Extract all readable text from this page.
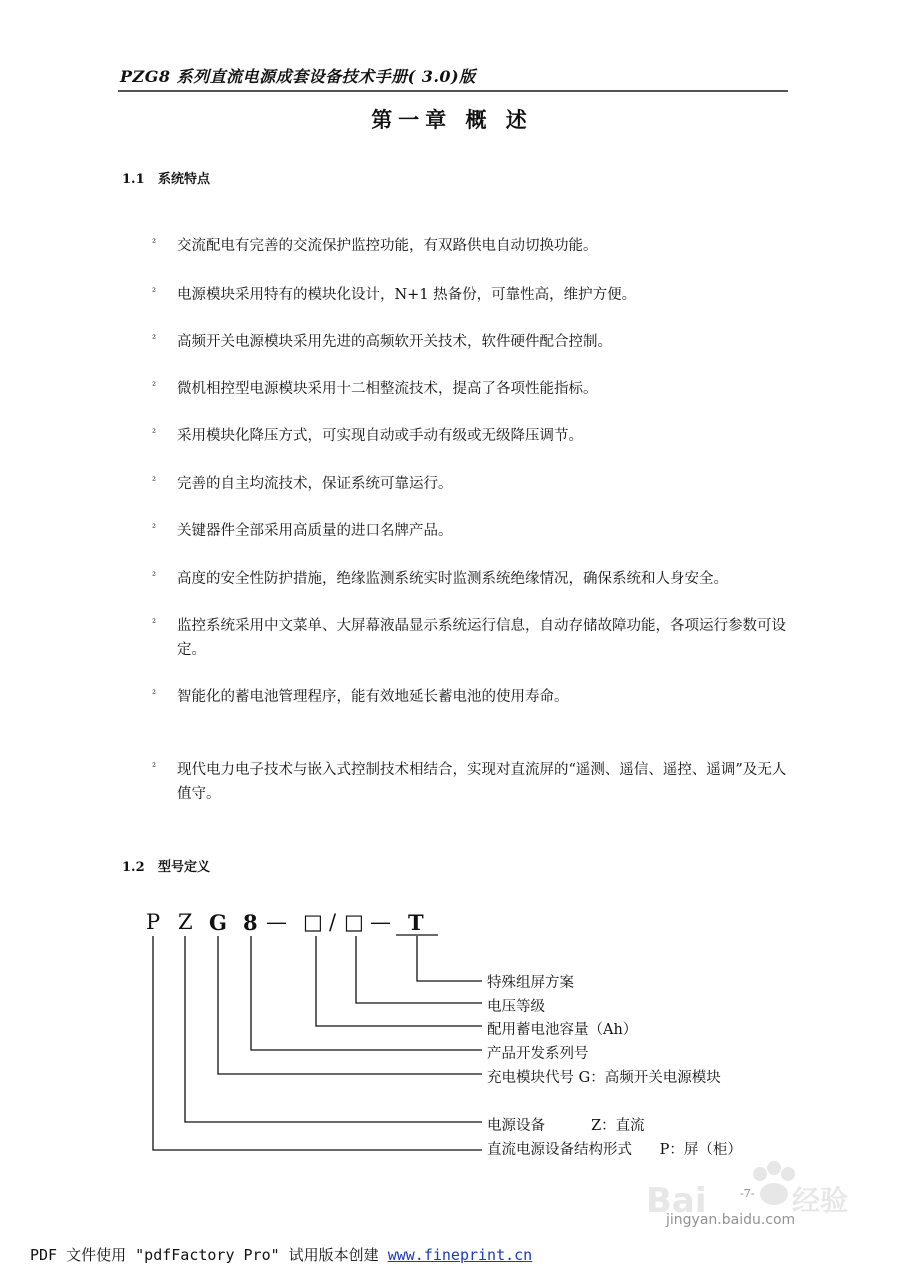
PZG8 系列直流电源成套设备技术手册( 3.0)版
第一章 概 述
1.1 系统特点
² 交流配电有完善的交流保护监控功能，有双路供电自动切换功能。
² 电源模块采用特有的模块化设计，N+1 热备份，可靠性高，维护方便。
² 高频开关电源模块采用先进的高频软开关技术，软件硬件配合控制。
² 微机相控型电源模块采用十二相整流技术，提高了各项性能指标。
² 采用模块化降压方式，可实现自动或手动有级或无级降压调节。
² 完善的自主均流技术，保证系统可靠运行。
² 关键器件全部采用高质量的进口名牌产品。
² 高度的安全性防护措施，绝缘监测系统实时监测系统绝缘情况，确保系统和人身安全。
² 监控系统采用中文菜单、大屏幕液晶显示系统运行信息，自动存储故障功能，各项运行参数可设定。
² 智能化的蓄电池管理程序，能有效地延长蓄电池的使用寿命。
² 现代电力电子技术与嵌入式控制技术相结合，实现对直流屏的“遥测、遥信、遥控、遥调”及无人值守。
1.2 型号定义
P Z G 8 — □ / □ — T
特殊组屏方案
电压等级
配用蓄电池容量（Ah）
产品开发系列号
充电模块代号 G：高频开关电源模块
电源设备          Z：直流
直流电源设备结构形式      P：屏（柜）
Bai	经验
jingyan.baidu.com
-7-
PDF 文件使用 "pdfFactory Pro" 试用版本创建 www.fineprint.cn
